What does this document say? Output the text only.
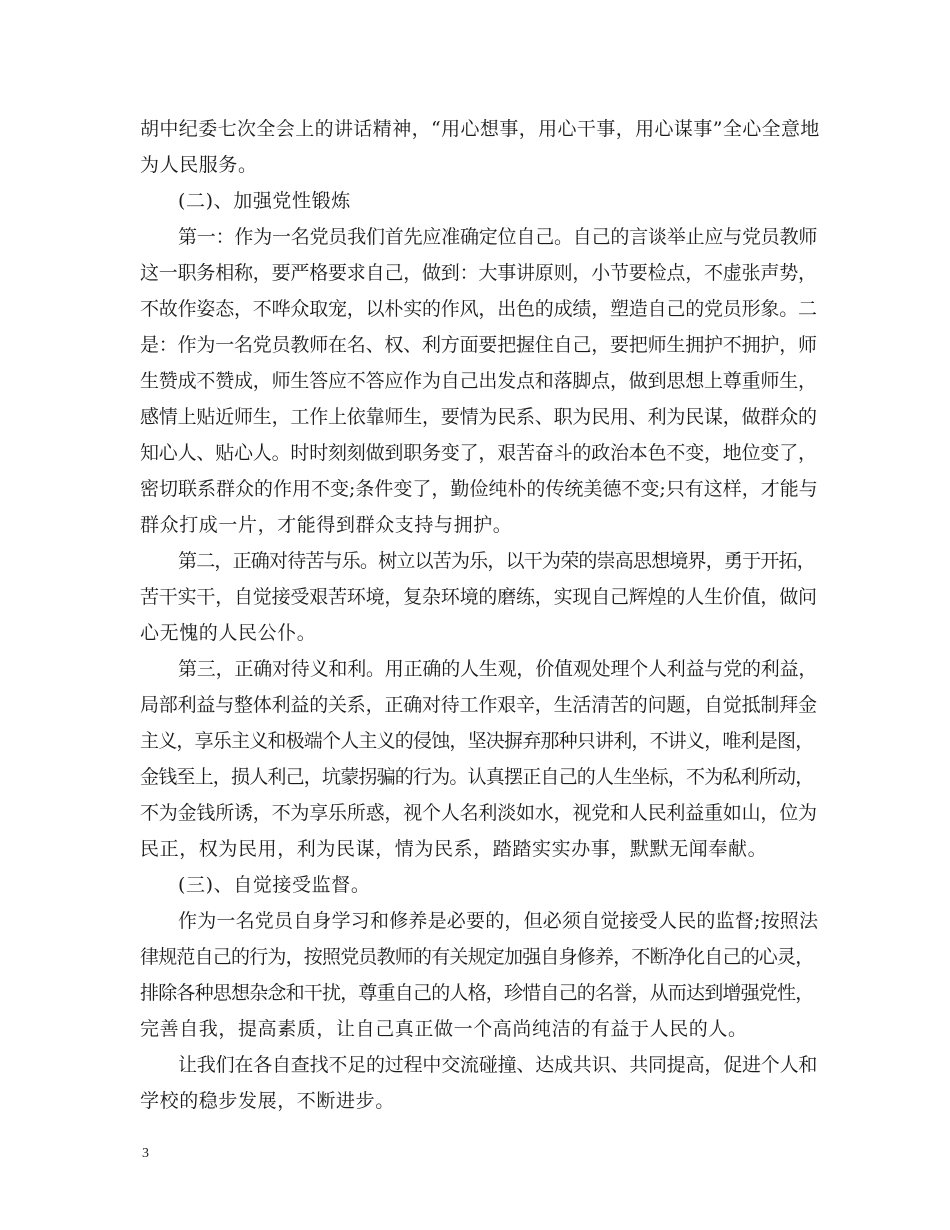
胡中纪委七次全会上的讲话精神，“用心想事，用心干事，用心谋事”全心全意地
为人民服务。
(二)、加强党性锻炼
第一：作为一名党员我们首先应准确定位自己。自己的言谈举止应与党员教师
这一职务相称，要严格要求自己，做到：大事讲原则，小节要检点，不虚张声势，
不故作姿态，不哗众取宠，以朴实的作风，出色的成绩，塑造自己的党员形象。二
是：作为一名党员教师在名、权、利方面要把握住自己，要把师生拥护不拥护，师
生赞成不赞成，师生答应不答应作为自己出发点和落脚点，做到思想上尊重师生，
感情上贴近师生，工作上依靠师生，要情为民系、职为民用、利为民谋，做群众的
知心人、贴心人。时时刻刻做到职务变了，艰苦奋斗的政治本色不变，地位变了，
密切联系群众的作用不变;条件变了，勤俭纯朴的传统美德不变;只有这样，才能与
群众打成一片，才能得到群众支持与拥护。
第二，正确对待苦与乐。树立以苦为乐，以干为荣的崇高思想境界，勇于开拓，
苦干实干，自觉接受艰苦环境，复杂环境的磨练，实现自己辉煌的人生价值，做问
心无愧的人民公仆。
第三，正确对待义和利。用正确的人生观，价值观处理个人利益与党的利益，
局部利益与整体利益的关系，正确对待工作艰辛，生活清苦的问题，自觉抵制拜金
主义，享乐主义和极端个人主义的侵蚀，坚决摒弃那种只讲利，不讲义，唯利是图，
金钱至上，损人利己，坑蒙拐骗的行为。认真摆正自己的人生坐标，不为私利所动，
不为金钱所诱，不为享乐所惑，视个人名利淡如水，视党和人民利益重如山，位为
民正，权为民用，利为民谋，情为民系，踏踏实实办事，默默无闻奉献。
(三)、自觉接受监督。
作为一名党员自身学习和修养是必要的，但必须自觉接受人民的监督;按照法
律规范自己的行为，按照党员教师的有关规定加强自身修养，不断净化自己的心灵，
排除各种思想杂念和干扰，尊重自己的人格，珍惜自己的名誉，从而达到增强党性，
完善自我，提高素质，让自己真正做一个高尚纯洁的有益于人民的人。
让我们在各自查找不足的过程中交流碰撞、达成共识、共同提高，促进个人和
学校的稳步发展，不断进步。
3
